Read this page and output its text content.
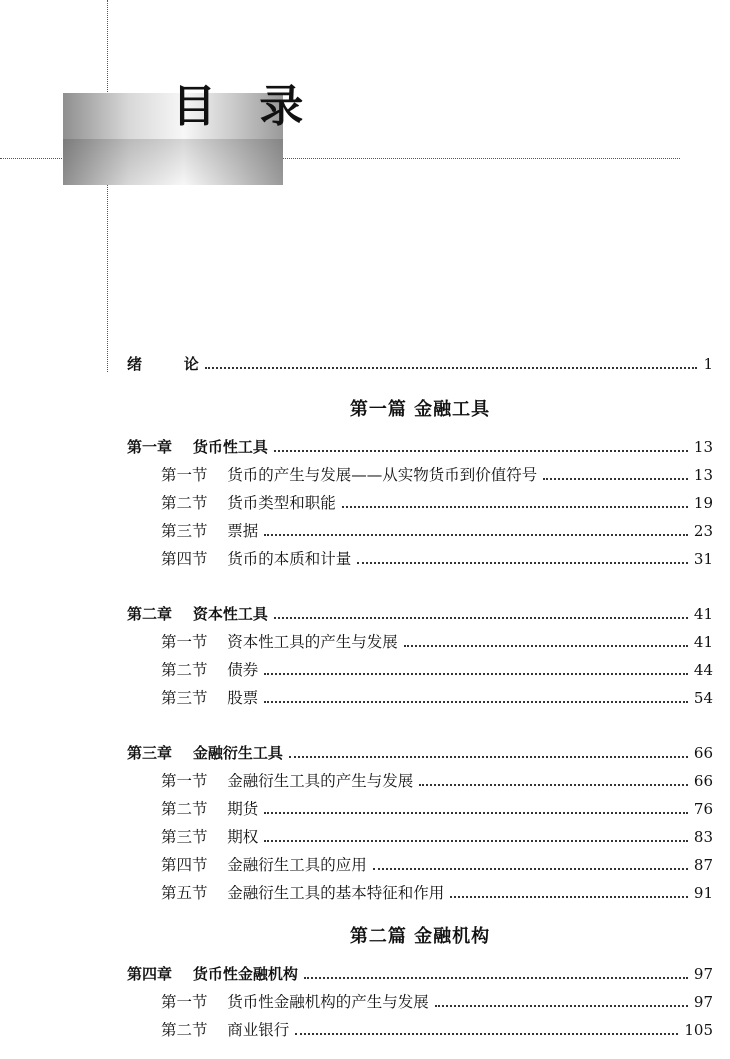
目 录
绪        论	1
第一篇 金融工具
第一章    货币性工具	13
第一节    货币的产生与发展——从实物货币到价值符号	13
第二节    货币类型和职能	19
第三节    票据	23
第四节    货币的本质和计量	31
第二章    资本性工具	41
第一节    资本性工具的产生与发展	41
第二节    债券	44
第三节    股票	54
第三章    金融衍生工具	66
第一节    金融衍生工具的产生与发展	66
第二节    期货	76
第三节    期权	83
第四节    金融衍生工具的应用	87
第五节    金融衍生工具的基本特征和作用	91
第二篇 金融机构
第四章    货币性金融机构	97
第一节    货币性金融机构的产生与发展	97
第二节    商业银行	105
